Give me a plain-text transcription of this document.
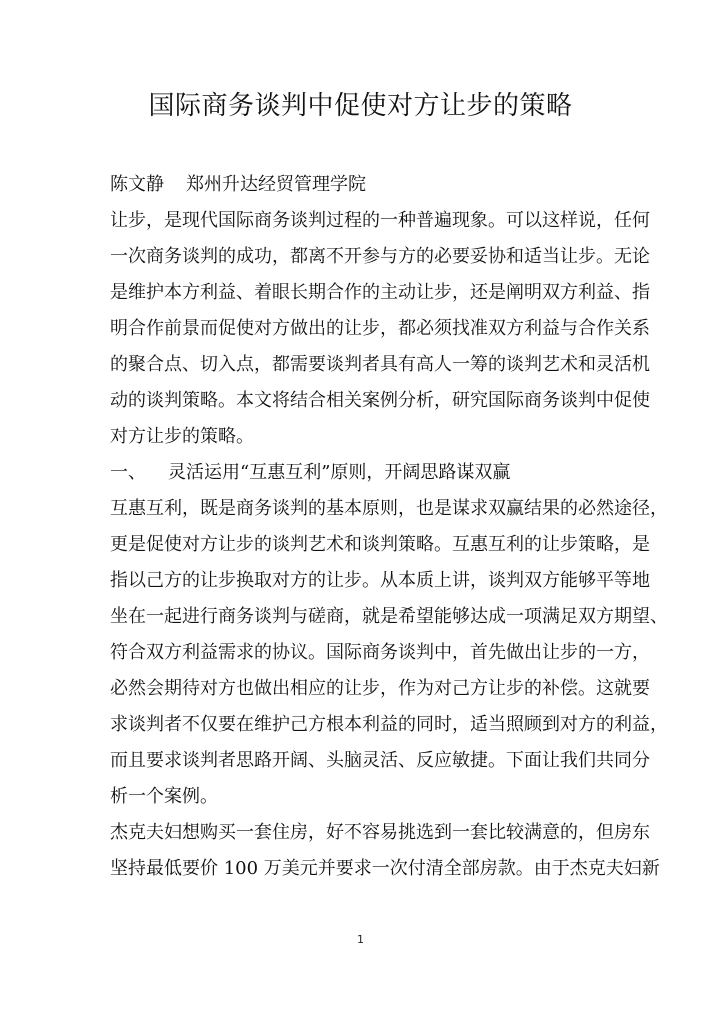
国际商务谈判中促使对方让步的策略
陈文静 郑州升达经贸管理学院
让步，是现代国际商务谈判过程的一种普遍现象。可以这样说，任何
一次商务谈判的成功，都离不开参与方的必要妥协和适当让步。无论
是维护本方利益、着眼长期合作的主动让步，还是阐明双方利益、指
明合作前景而促使对方做出的让步，都必须找准双方利益与合作关系
的聚合点、切入点，都需要谈判者具有高人一筹的谈判艺术和灵活机
动的谈判策略。本文将结合相关案例分析，研究国际商务谈判中促使
对方让步的策略。
一、 灵活运用“互惠互利”原则，开阔思路谋双赢
互惠互利，既是商务谈判的基本原则，也是谋求双赢结果的必然途径，
更是促使对方让步的谈判艺术和谈判策略。互惠互利的让步策略，是
指以己方的让步换取对方的让步。从本质上讲，谈判双方能够平等地
坐在一起进行商务谈判与磋商，就是希望能够达成一项满足双方期望、
符合双方利益需求的协议。国际商务谈判中，首先做出让步的一方，
必然会期待对方也做出相应的让步，作为对己方让步的补偿。这就要
求谈判者不仅要在维护己方根本利益的同时，适当照顾到对方的利益，
而且要求谈判者思路开阔、头脑灵活、反应敏捷。下面让我们共同分
析一个案例。
杰克夫妇想购买一套住房，好不容易挑选到一套比较满意的，但房东
坚持最低要价 100 万美元并要求一次付清全部房款。由于杰克夫妇新
1
